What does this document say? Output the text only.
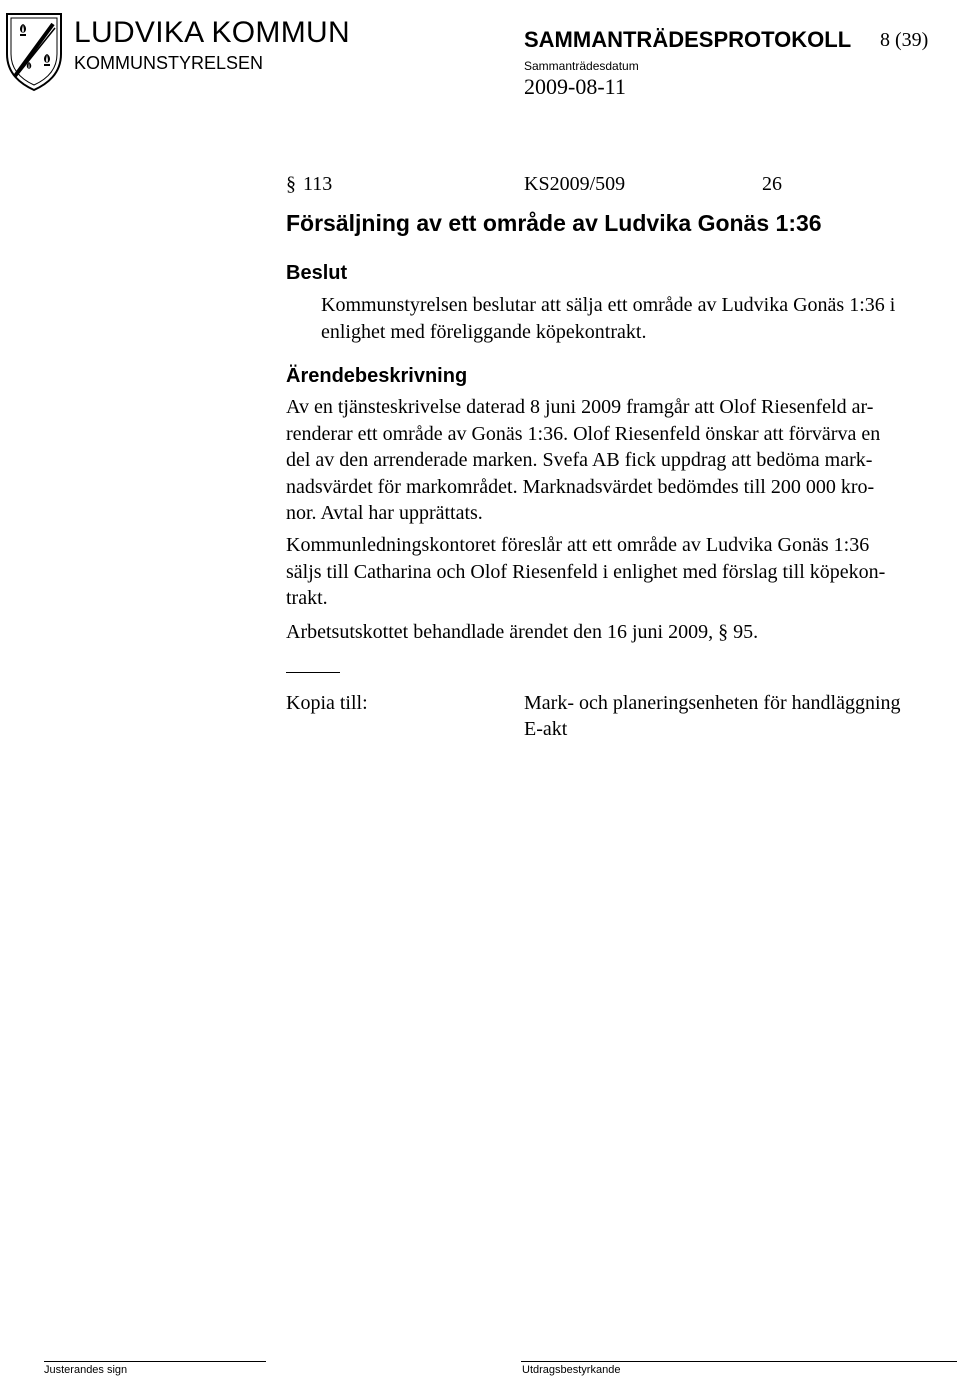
LUDVIKA KOMMUN
KOMMUNSTYRELSEN
SAMMANTRÄDESPROTOKOLL 8 (39)
Sammanträdesdatum
2009-08-11
§ 113	KS2009/509	26
Försäljning av ett område av Ludvika Gonäs 1:36
Beslut
Kommunstyrelsen beslutar att sälja ett område av Ludvika Gonäs 1:36 i
enlighet med föreliggande köpekontrakt.
Ärendebeskrivning
Av en tjänsteskrivelse daterad 8 juni 2009 framgår att Olof Riesenfeld ar-
renderar ett område av Gonäs 1:36. Olof Riesenfeld önskar att förvärva en
del av den arrenderade marken. Svefa AB fick uppdrag att bedöma mark-
nadsvärdet för markområdet. Marknadsvärdet bedömdes till 200 000 kro-
nor. Avtal har upprättats.
Kommunledningskontoret föreslår att ett område av Ludvika Gonäs 1:36
säljs till Catharina och Olof Riesenfeld i enlighet med förslag till köpekon-
trakt.
Arbetsutskottet behandlade ärendet den 16 juni 2009, § 95.
Kopia till:	Mark- och planeringsenheten för handläggning
E-akt
Justerandes sign	Utdragsbestyrkande
